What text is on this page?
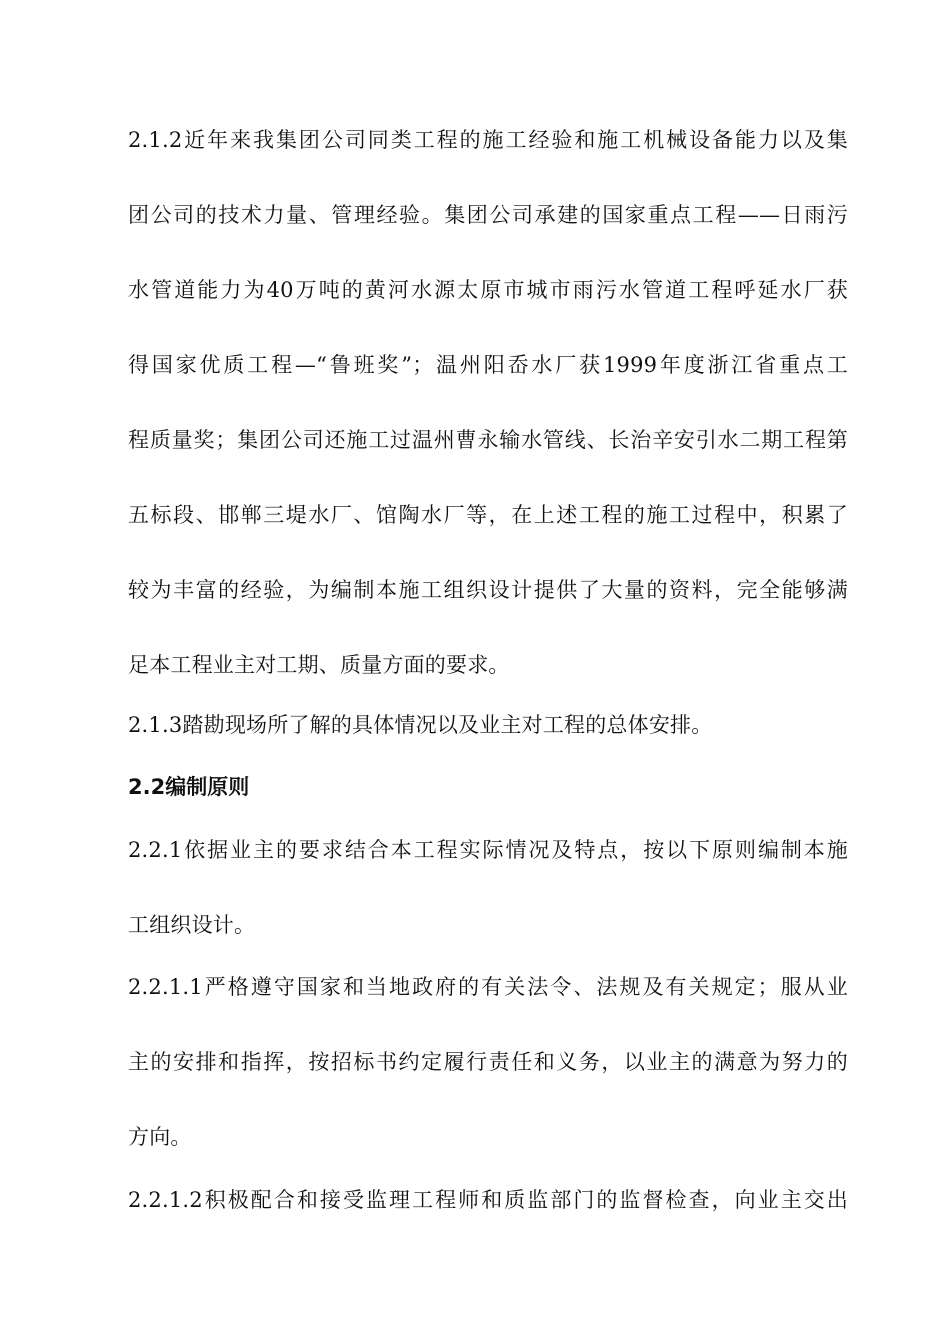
2.1.2近年来我集团公司同类工程的施工经验和施工机械设备能力以及集
团公司的技术力量、管理经验。集团公司承建的国家重点工程——日雨污
水管道能力为40万吨的黄河水源太原市城市雨污水管道工程呼延水厂获
得国家优质工程—“鲁班奖”；温州阳岙水厂获1999年度浙江省重点工
程质量奖；集团公司还施工过温州曹永输水管线、长治辛安引水二期工程第
五标段、邯郸三堤水厂、馆陶水厂等，在上述工程的施工过程中，积累了
较为丰富的经验，为编制本施工组织设计提供了大量的资料，完全能够满
足本工程业主对工期、质量方面的要求。
2.1.3踏勘现场所了解的具体情况以及业主对工程的总体安排。
2.2编制原则
2.2.1依据业主的要求结合本工程实际情况及特点，按以下原则编制本施
工组织设计。
2.2.1.1严格遵守国家和当地政府的有关法令、法规及有关规定；服从业
主的安排和指挥，按招标书约定履行责任和义务，以业主的满意为努力的
方向。
2.2.1.2积极配合和接受监理工程师和质监部门的监督检查，向业主交出
